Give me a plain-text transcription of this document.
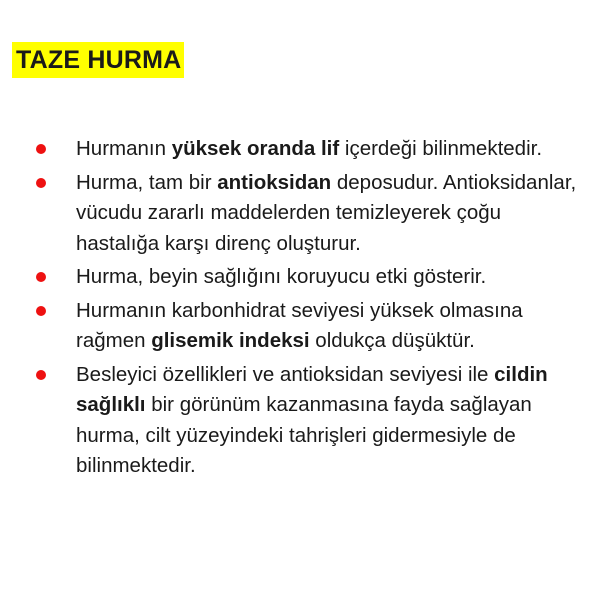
TAZE HURMA
Hurmanın yüksek oranda lif içerdeği bilinmektedir.
Hurma, tam bir antioksidan deposudur. Antioksidanlar, vücudu zararlı maddelerden temizleyerek çoğu hastalığa karşı direnç oluşturur.
Hurma, beyin sağlığını koruyucu etki gösterir.
Hurmanın karbonhidrat seviyesi yüksek olmasına rağmen glisemik indeksi oldukça düşüktür.
Besleyici özellikleri ve antioksidan seviyesi ile cildin sağlıklı bir görünüm kazanmasına fayda sağlayan hurma, cilt yüzeyindeki tahrişleri gidermesiyle de bilinmektedir.
